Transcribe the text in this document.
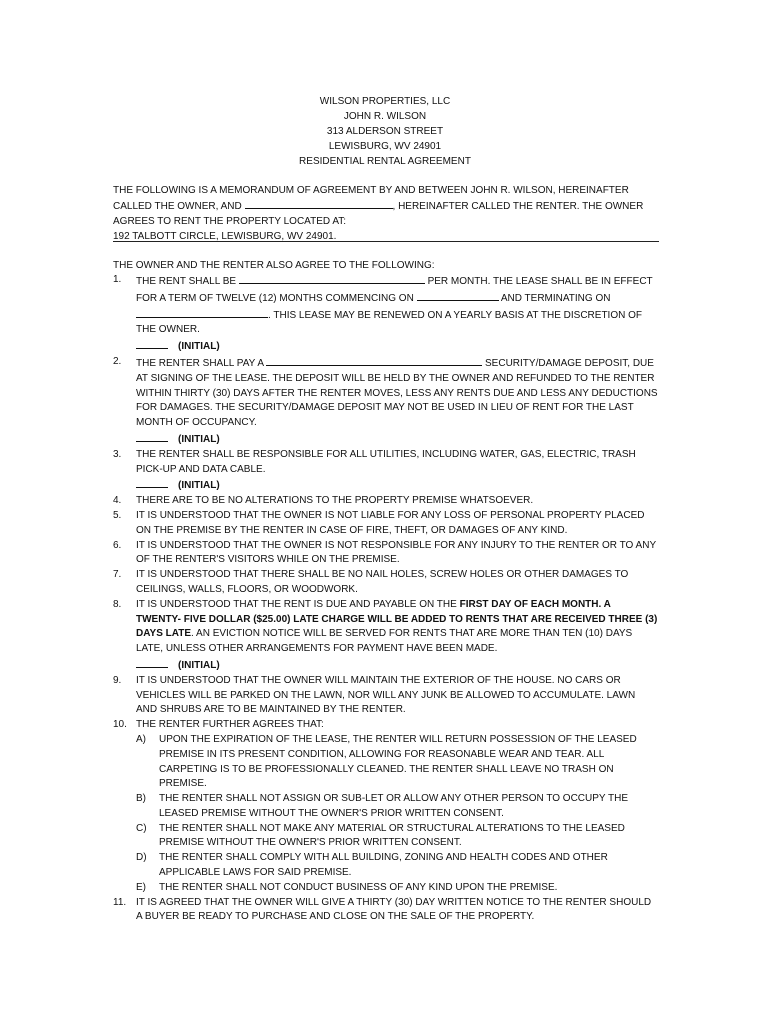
WILSON PROPERTIES, LLC
JOHN R. WILSON
313 ALDERSON STREET
LEWISBURG, WV 24901
RESIDENTIAL RENTAL AGREEMENT
THE FOLLOWING IS A MEMORANDUM OF AGREEMENT BY AND BETWEEN JOHN R. WILSON, HEREINAFTER CALLED THE OWNER, AND	, HEREINAFTER CALLED THE RENTER. THE OWNER AGREES TO RENT THE PROPERTY LOCATED AT:
192 TALBOTT CIRCLE, LEWISBURG, WV 24901.
THE OWNER AND THE RENTER ALSO AGREE TO THE FOLLOWING:
1. THE RENT SHALL BE	PER MONTH. THE LEASE SHALL BE IN EFFECT FOR A TERM OF TWELVE (12) MONTHS COMMENCING ON	AND TERMINATING ON . THIS LEASE MAY BE RENEWED ON A YEARLY BASIS AT THE DISCRETION OF THE OWNER.
(INITIAL)
2. THE RENTER SHALL PAY A	SECURITY/DAMAGE DEPOSIT, DUE AT SIGNING OF THE LEASE. THE DEPOSIT WILL BE HELD BY THE OWNER AND REFUNDED TO THE RENTER WITHIN THIRTY (30) DAYS AFTER THE RENTER MOVES, LESS ANY RENTS DUE AND LESS ANY DEDUCTIONS FOR DAMAGES. THE SECURITY/DAMAGE DEPOSIT MAY NOT BE USED IN LIEU OF RENT FOR THE LAST MONTH OF OCCUPANCY.
(INITIAL)
3. THE RENTER SHALL BE RESPONSIBLE FOR ALL UTILITIES, INCLUDING WATER, GAS, ELECTRIC, TRASH PICK-UP AND DATA CABLE.
(INITIAL)
4. THERE ARE TO BE NO ALTERATIONS TO THE PROPERTY PREMISE WHATSOEVER.
5. IT IS UNDERSTOOD THAT THE OWNER IS NOT LIABLE FOR ANY LOSS OF PERSONAL PROPERTY PLACED ON THE PREMISE BY THE RENTER IN CASE OF FIRE, THEFT, OR DAMAGES OF ANY KIND.
6. IT IS UNDERSTOOD THAT THE OWNER IS NOT RESPONSIBLE FOR ANY INJURY TO THE RENTER OR TO ANY OF THE RENTER'S VISITORS WHILE ON THE PREMISE.
7. IT IS UNDERSTOOD THAT THERE SHALL BE NO NAIL HOLES, SCREW HOLES OR OTHER DAMAGES TO CEILINGS, WALLS, FLOORS, OR WOODWORK.
8. IT IS UNDERSTOOD THAT THE RENT IS DUE AND PAYABLE ON THE FIRST DAY OF EACH MONTH. A TWENTY- FIVE DOLLAR ($25.00) LATE CHARGE WILL BE ADDED TO RENTS THAT ARE RECEIVED THREE (3) DAYS LATE. AN EVICTION NOTICE WILL BE SERVED FOR RENTS THAT ARE MORE THAN TEN (10) DAYS LATE, UNLESS OTHER ARRANGEMENTS FOR PAYMENT HAVE BEEN MADE.
(INITIAL)
9. IT IS UNDERSTOOD THAT THE OWNER WILL MAINTAIN THE EXTERIOR OF THE HOUSE. NO CARS OR VEHICLES WILL BE PARKED ON THE LAWN, NOR WILL ANY JUNK BE ALLOWED TO ACCUMULATE. LAWN AND SHRUBS ARE TO BE MAINTAINED BY THE RENTER.
10. THE RENTER FURTHER AGREES THAT:
A) UPON THE EXPIRATION OF THE LEASE, THE RENTER WILL RETURN POSSESSION OF THE LEASED PREMISE IN ITS PRESENT CONDITION, ALLOWING FOR REASONABLE WEAR AND TEAR. ALL CARPETING IS TO BE PROFESSIONALLY CLEANED. THE RENTER SHALL LEAVE NO TRASH ON PREMISE.
B) THE RENTER SHALL NOT ASSIGN OR SUB-LET OR ALLOW ANY OTHER PERSON TO OCCUPY THE LEASED PREMISE WITHOUT THE OWNER'S PRIOR WRITTEN CONSENT.
C) THE RENTER SHALL NOT MAKE ANY MATERIAL OR STRUCTURAL ALTERATIONS TO THE LEASED PREMISE WITHOUT THE OWNER'S PRIOR WRITTEN CONSENT.
D) THE RENTER SHALL COMPLY WITH ALL BUILDING, ZONING AND HEALTH CODES AND OTHER APPLICABLE LAWS FOR SAID PREMISE.
E) THE RENTER SHALL NOT CONDUCT BUSINESS OF ANY KIND UPON THE PREMISE.
11. IT IS AGREED THAT THE OWNER WILL GIVE A THIRTY (30) DAY WRITTEN NOTICE TO THE RENTER SHOULD A BUYER BE READY TO PURCHASE AND CLOSE ON THE SALE OF THE PROPERTY.
